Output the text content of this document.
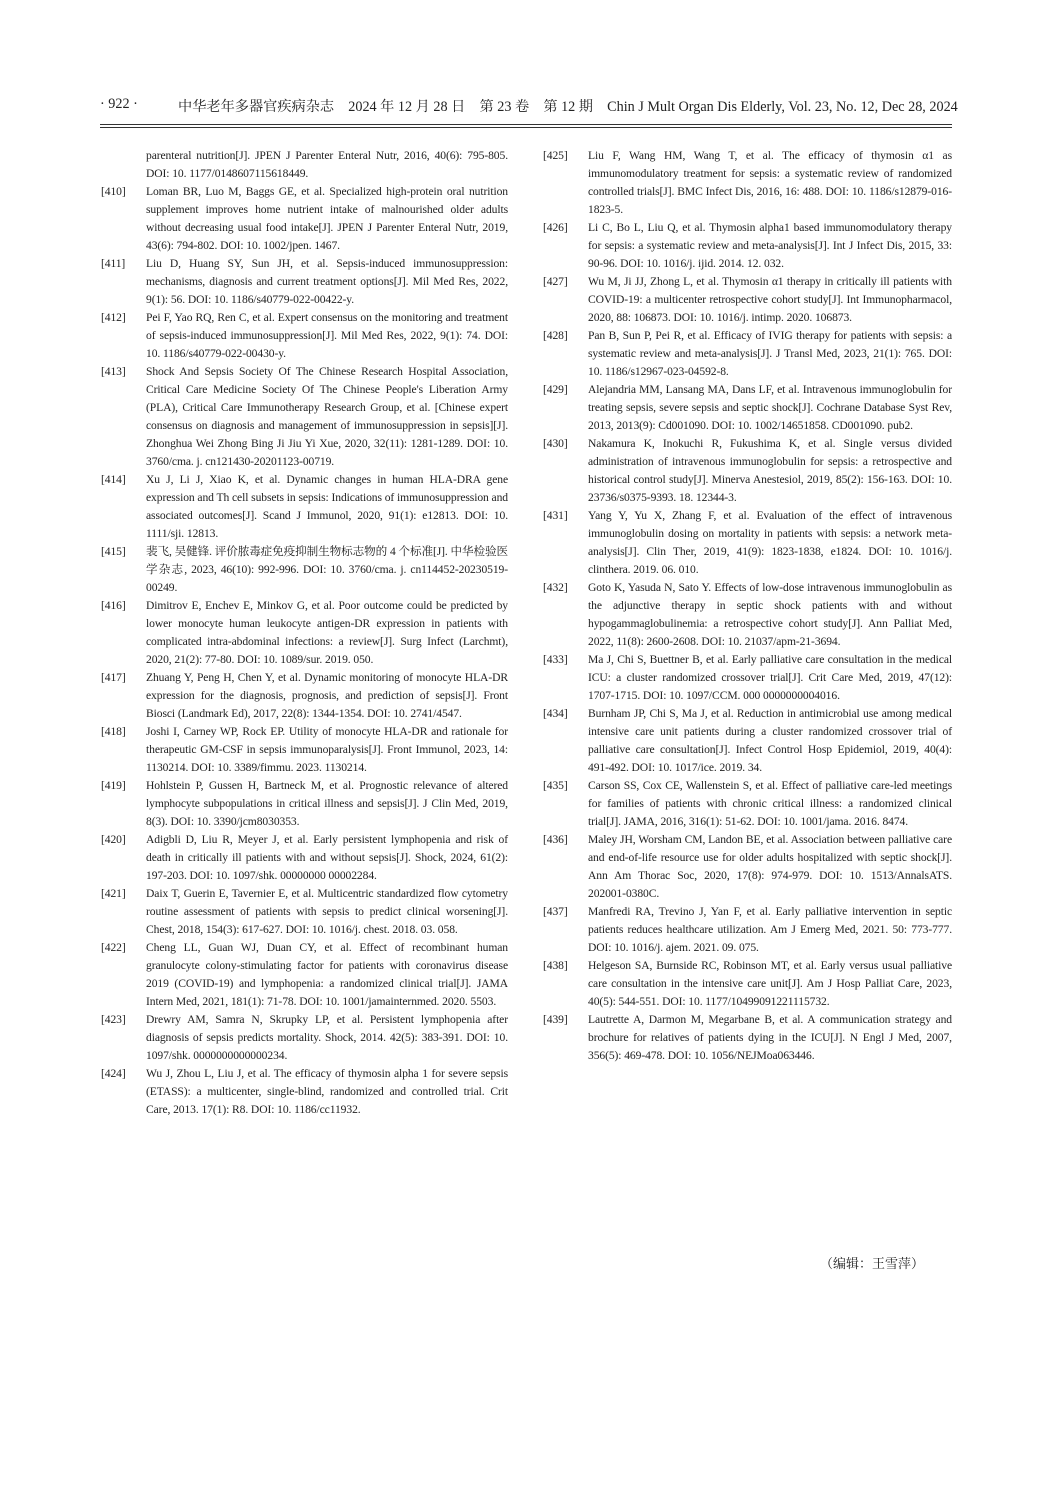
· 922 ·	中华老年多器官疾病杂志　2024 年 12 月 28 日　第 23 卷　第 12 期　Chin J Mult Organ Dis Elderly, Vol. 23, No. 12, Dec 28, 2024
parenteral nutrition[J]. JPEN J Parenter Enteral Nutr, 2016, 40(6): 795-805. DOI: 10. 1177/0148607115618449.
[410]	Loman BR, Luo M, Baggs GE, et al. Specialized high-protein oral nutrition supplement improves home nutrient intake of malnourished older adults without decreasing usual food intake[J]. JPEN J Parenter Enteral Nutr, 2019, 43(6): 794-802. DOI: 10. 1002/jpen. 1467.
[411]	Liu D, Huang SY, Sun JH, et al. Sepsis-induced immunosuppression: mechanisms, diagnosis and current treatment options[J]. Mil Med Res, 2022, 9(1): 56. DOI: 10. 1186/s40779-022-00422-y.
[412]	Pei F, Yao RQ, Ren C, et al. Expert consensus on the monitoring and treatment of sepsis-induced immunosuppression[J]. Mil Med Res, 2022, 9(1): 74. DOI: 10. 1186/s40779-022-00430-y.
[413]	Shock And Sepsis Society Of The Chinese Research Hospital Association, Critical Care Medicine Society Of The Chinese People's Liberation Army (PLA), Critical Care Immunotherapy Research Group, et al. [Chinese expert consensus on diagnosis and management of immunosuppression in sepsis][J]. Zhonghua Wei Zhong Bing Ji Jiu Yi Xue, 2020, 32(11): 1281-1289. DOI: 10. 3760/cma. j. cn121430-20201123-00719.
[414]	Xu J, Li J, Xiao K, et al. Dynamic changes in human HLA-DRA gene expression and Th cell subsets in sepsis: Indications of immunosuppression and associated outcomes[J]. Scand J Immunol, 2020, 91(1): e12813. DOI: 10. 1111/sji. 12813.
[415]	裴飞, 吴健锋. 评价脓毒症免疫抑制生物标志物的 4 个标准[J]. 中华检验医学杂志, 2023, 46(10): 992-996. DOI: 10. 3760/cma. j. cn114452-20230519-00249.
[416]	Dimitrov E, Enchev E, Minkov G, et al. Poor outcome could be predicted by lower monocyte human leukocyte antigen-DR expression in patients with complicated intra-abdominal infections: a review[J]. Surg Infect (Larchmt), 2020, 21(2): 77-80. DOI: 10. 1089/sur. 2019. 050.
[417]	Zhuang Y, Peng H, Chen Y, et al. Dynamic monitoring of monocyte HLA-DR expression for the diagnosis, prognosis, and prediction of sepsis[J]. Front Biosci (Landmark Ed), 2017, 22(8): 1344-1354. DOI: 10. 2741/4547.
[418]	Joshi I, Carney WP, Rock EP. Utility of monocyte HLA-DR and rationale for therapeutic GM-CSF in sepsis immunoparalysis[J]. Front Immunol, 2023, 14: 1130214. DOI: 10. 3389/fimmu. 2023. 1130214.
[419]	Hohlstein P, Gussen H, Bartneck M, et al. Prognostic relevance of altered lymphocyte subpopulations in critical illness and sepsis[J]. J Clin Med, 2019, 8(3). DOI: 10. 3390/jcm8030353.
[420]	Adigbli D, Liu R, Meyer J, et al. Early persistent lymphopenia and risk of death in critically ill patients with and without sepsis[J]. Shock, 2024, 61(2): 197-203. DOI: 10. 1097/shk. 00000000 00002284.
[421]	Daix T, Guerin E, Tavernier E, et al. Multicentric standardized flow cytometry routine assessment of patients with sepsis to predict clinical worsening[J]. Chest, 2018, 154(3): 617-627. DOI: 10. 1016/j. chest. 2018. 03. 058.
[422]	Cheng LL, Guan WJ, Duan CY, et al. Effect of recombinant human granulocyte colony-stimulating factor for patients with coronavirus disease 2019 (COVID-19) and lymphopenia: a randomized clinical trial[J]. JAMA Intern Med, 2021, 181(1): 71-78. DOI: 10. 1001/jamainternmed. 2020. 5503.
[423]	Drewry AM, Samra N, Skrupky LP, et al. Persistent lymphopenia after diagnosis of sepsis predicts mortality. Shock, 2014. 42(5): 383-391. DOI: 10. 1097/shk. 0000000000000234.
[424]	Wu J, Zhou L, Liu J, et al. The efficacy of thymosin alpha 1 for severe sepsis (ETASS): a multicenter, single-blind, randomized and controlled trial. Crit Care, 2013. 17(1): R8. DOI: 10. 1186/cc11932.
[425]	Liu F, Wang HM, Wang T, et al. The efficacy of thymosin α1 as immunomodulatory treatment for sepsis: a systematic review of randomized controlled trials[J]. BMC Infect Dis, 2016, 16: 488. DOI: 10. 1186/s12879-016-1823-5.
[426]	Li C, Bo L, Liu Q, et al. Thymosin alpha1 based immunomodulatory therapy for sepsis: a systematic review and meta-analysis[J]. Int J Infect Dis, 2015, 33: 90-96. DOI: 10. 1016/j. ijid. 2014. 12. 032.
[427]	Wu M, Ji JJ, Zhong L, et al. Thymosin α1 therapy in critically ill patients with COVID-19: a multicenter retrospective cohort study[J]. Int Immunopharmacol, 2020, 88: 106873. DOI: 10. 1016/j. intimp. 2020. 106873.
[428]	Pan B, Sun P, Pei R, et al. Efficacy of IVIG therapy for patients with sepsis: a systematic review and meta-analysis[J]. J Transl Med, 2023, 21(1): 765. DOI: 10. 1186/s12967-023-04592-8.
[429]	Alejandria MM, Lansang MA, Dans LF, et al. Intravenous immunoglobulin for treating sepsis, severe sepsis and septic shock[J]. Cochrane Database Syst Rev, 2013, 2013(9): Cd001090. DOI: 10. 1002/14651858. CD001090. pub2.
[430]	Nakamura K, Inokuchi R, Fukushima K, et al. Single versus divided administration of intravenous immunoglobulin for sepsis: a retrospective and historical control study[J]. Minerva Anestesiol, 2019, 85(2): 156-163. DOI: 10. 23736/s0375-9393. 18. 12344-3.
[431]	Yang Y, Yu X, Zhang F, et al. Evaluation of the effect of intravenous immunoglobulin dosing on mortality in patients with sepsis: a network meta-analysis[J]. Clin Ther, 2019, 41(9): 1823-1838, e1824. DOI: 10. 1016/j. clinthera. 2019. 06. 010.
[432]	Goto K, Yasuda N, Sato Y. Effects of low-dose intravenous immunoglobulin as the adjunctive therapy in septic shock patients with and without hypogammaglobulinemia: a retrospective cohort study[J]. Ann Palliat Med, 2022, 11(8): 2600-2608. DOI: 10. 21037/apm-21-3694.
[433]	Ma J, Chi S, Buettner B, et al. Early palliative care consultation in the medical ICU: a cluster randomized crossover trial[J]. Crit Care Med, 2019, 47(12): 1707-1715. DOI: 10. 1097/CCM. 000 0000000004016.
[434]	Burnham JP, Chi S, Ma J, et al. Reduction in antimicrobial use among medical intensive care unit patients during a cluster randomized crossover trial of palliative care consultation[J]. Infect Control Hosp Epidemiol, 2019, 40(4): 491-492. DOI: 10. 1017/ice. 2019. 34.
[435]	Carson SS, Cox CE, Wallenstein S, et al. Effect of palliative care-led meetings for families of patients with chronic critical illness: a randomized clinical trial[J]. JAMA, 2016, 316(1): 51-62. DOI: 10. 1001/jama. 2016. 8474.
[436]	Maley JH, Worsham CM, Landon BE, et al. Association between palliative care and end-of-life resource use for older adults hospitalized with septic shock[J]. Ann Am Thorac Soc, 2020, 17(8): 974-979. DOI: 10. 1513/AnnalsATS. 202001-0380C.
[437]	Manfredi RA, Trevino J, Yan F, et al. Early palliative intervention in septic patients reduces healthcare utilization. Am J Emerg Med, 2021. 50: 773-777. DOI: 10. 1016/j. ajem. 2021. 09. 075.
[438]	Helgeson SA, Burnside RC, Robinson MT, et al. Early versus usual palliative care consultation in the intensive care unit[J]. Am J Hosp Palliat Care, 2023, 40(5): 544-551. DOI: 10. 1177/10499091221115732.
[439]	Lautrette A, Darmon M, Megarbane B, et al. A communication strategy and brochure for relatives of patients dying in the ICU[J]. N Engl J Med, 2007, 356(5): 469-478. DOI: 10. 1056/NEJMoa063446.
（编辑：王雪萍）
